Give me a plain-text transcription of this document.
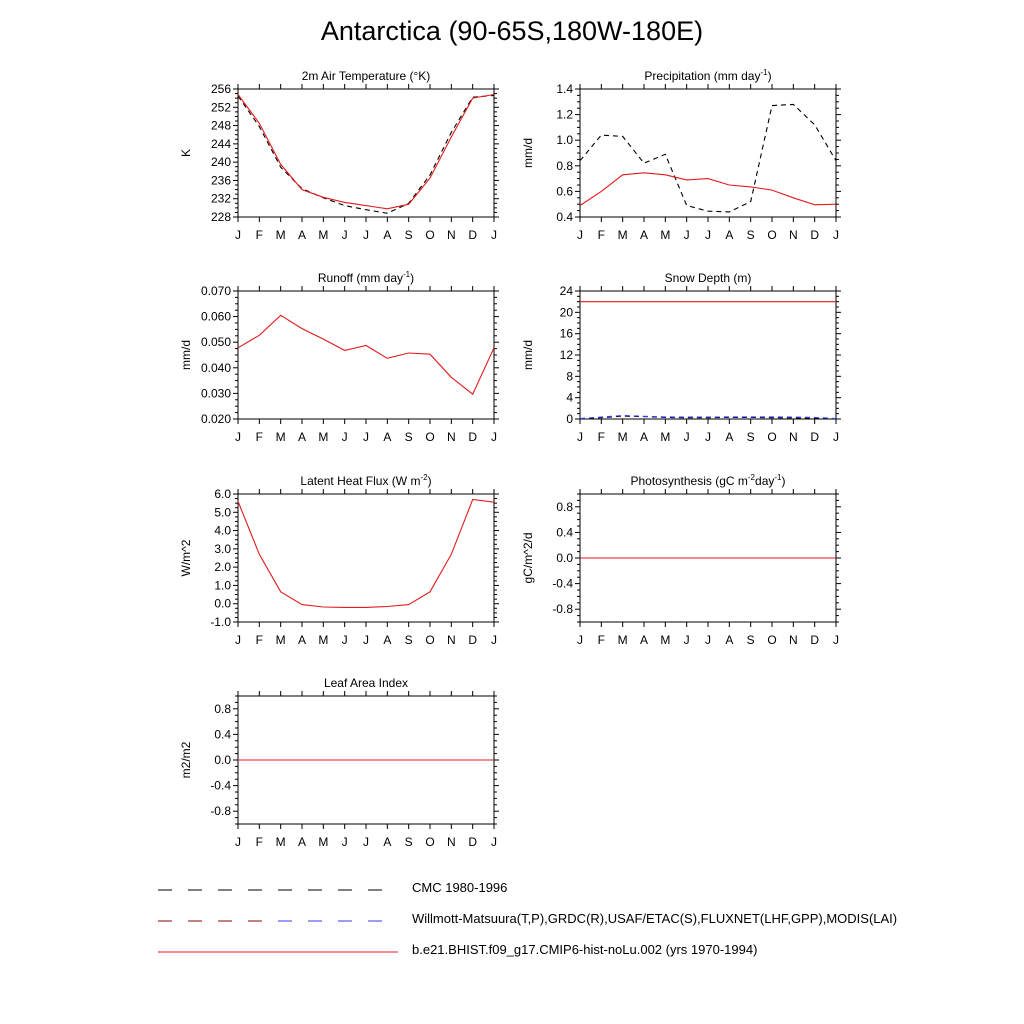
Antarctica (90-65S,180W-180E)
2m Air Temperature (°K)
K
228
232
236
240
244
248
252
256
J F M A M J J A S O N D J
Precipitation (mm day$^{-1}$)
mm/d
0.4
0.6
0.8
1.0
1.2
1.4
J F M A M J J A S O N D J
Runoff (mm day$^{-1}$)
mm/d
0.020
0.030
0.040
0.050
0.060
0.070
J F M A M J J A S O N D J
Snow Depth (m)
mm/d
0
4
8
12
16
20
24
J F M A M J J A S O N D J
Latent Heat Flux (W $m^{-2}$)
W/m^2
-1.0
0.0
1.0
2.0
3.0
4.0
5.0
6.0
J F M A M J J A S O N D J
Photosynthesis (gC $m^{-2}day^{-1}$)
gC/m^2/d
-0.8
-0.4
0.0
0.4
0.8
J F M A M J J A S O N D J
Leaf Area Index
m2/m2
-0.8
-0.4
0.0
0.4
0.8
J F M A M J J A S O N D J
CMC 1980-1996
Willmott-Matsuura(T,P),GRDC(R),USAF/ETAC(S),FLUXNET(LHF,GPP),MODIS(LAI)
b.e21.BHIST.f09_g17.CMIP6-hist-noLu.002 (yrs 1970-1994)
